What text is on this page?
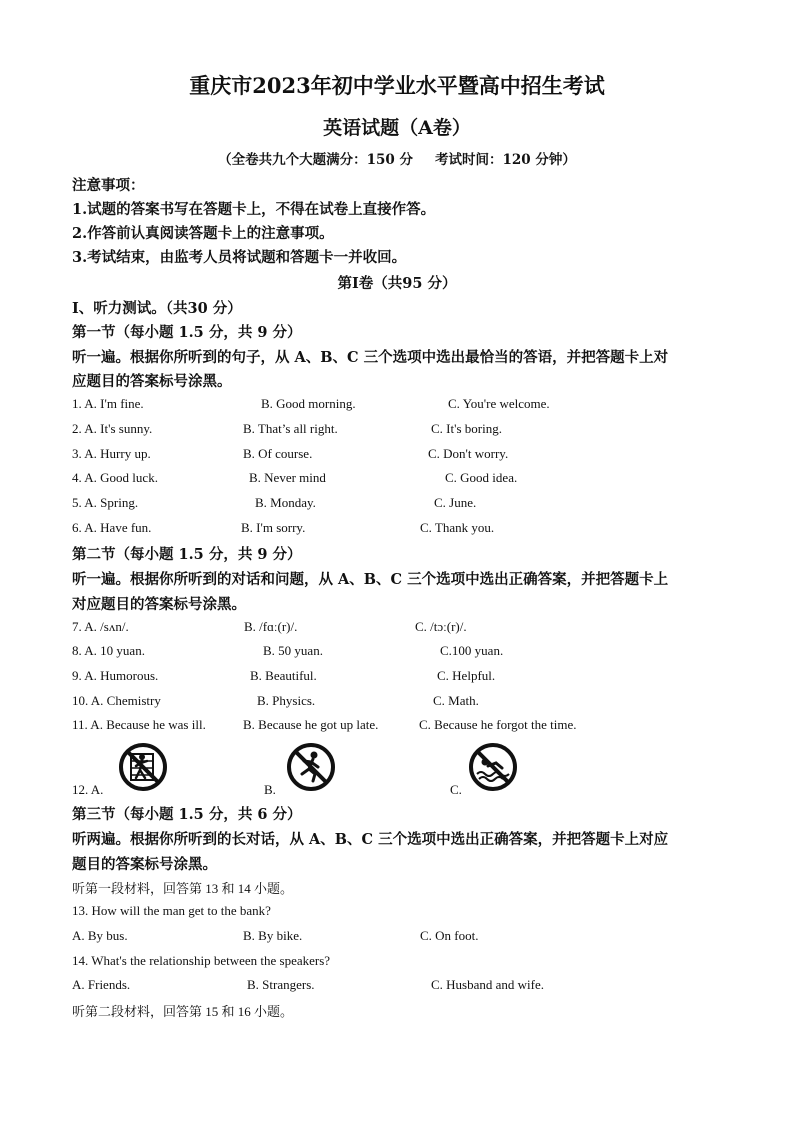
重庆市2023年初中学业水平暨高中招生考试
英语试题（A卷）
（全卷共九个大题满分：150 分 考试时间：120 分钟）
注意事项：
1.试题的答案书写在答题卡上，不得在试卷上直接作答。
2.作答前认真阅读答题卡上的注意事项。
3.考试结束，由监考人员将试题和答题卡一并收回。
第Ⅰ卷（共95 分）
Ⅰ、听力测试。（共30 分）
第一节（每小题 1.5 分，共 9 分）
听一遍。根据你所听到的句子，从 A、B、C 三个选项中选出最恰当的答语，并把答题卡上对
应题目的答案标号涂黑。
1. A. I'm fine.	B. Good morning.	C. You're welcome.
2. A. It's sunny.	B. That’s all right.	C. It's boring.
3. A. Hurry up.	B. Of course.	C. Don't worry.
4. A. Good luck.	B. Never mind	C. Good idea.
5. A. Spring.	B. Monday.	C. June.
6. A. Have fun.	B. I'm sorry.	C. Thank you.
第二节（每小题 1.5 分，共 9 分）
听一遍。根据你所听到的对话和问题，从 A、B、C 三个选项中选出正确答案，并把答题卡上
对应题目的答案标号涂黑。
7. A. /sʌn/.	B. /fɑː(r)/.	C. /tɔː(r)/.
8. A. 10 yuan.	B. 50 yuan.	C.100 yuan.
9. A. Humorous.	B. Beautiful.	C. Helpful.
10. A. Chemistry	B. Physics.	C. Math.
11. A. Because he was ill.	B. Because he got up late.	C. Because he forgot the time.
12. A.	B.	C.
第三节（每小题 1.5 分，共 6 分）
听两遍。根据你所听到的长对话，从 A、B、C 三个选项中选出正确答案，并把答题卡上对应
题目的答案标号涂黑。
听第一段材料，回答第 13 和 14 小题。
13. How will the man get to the bank?
A. By bus.	B. By bike.	C. On foot.
14. What's the relationship between the speakers?
A. Friends.	B. Strangers.	C. Husband and wife.
听第二段材料，回答第 15 和 16 小题。
